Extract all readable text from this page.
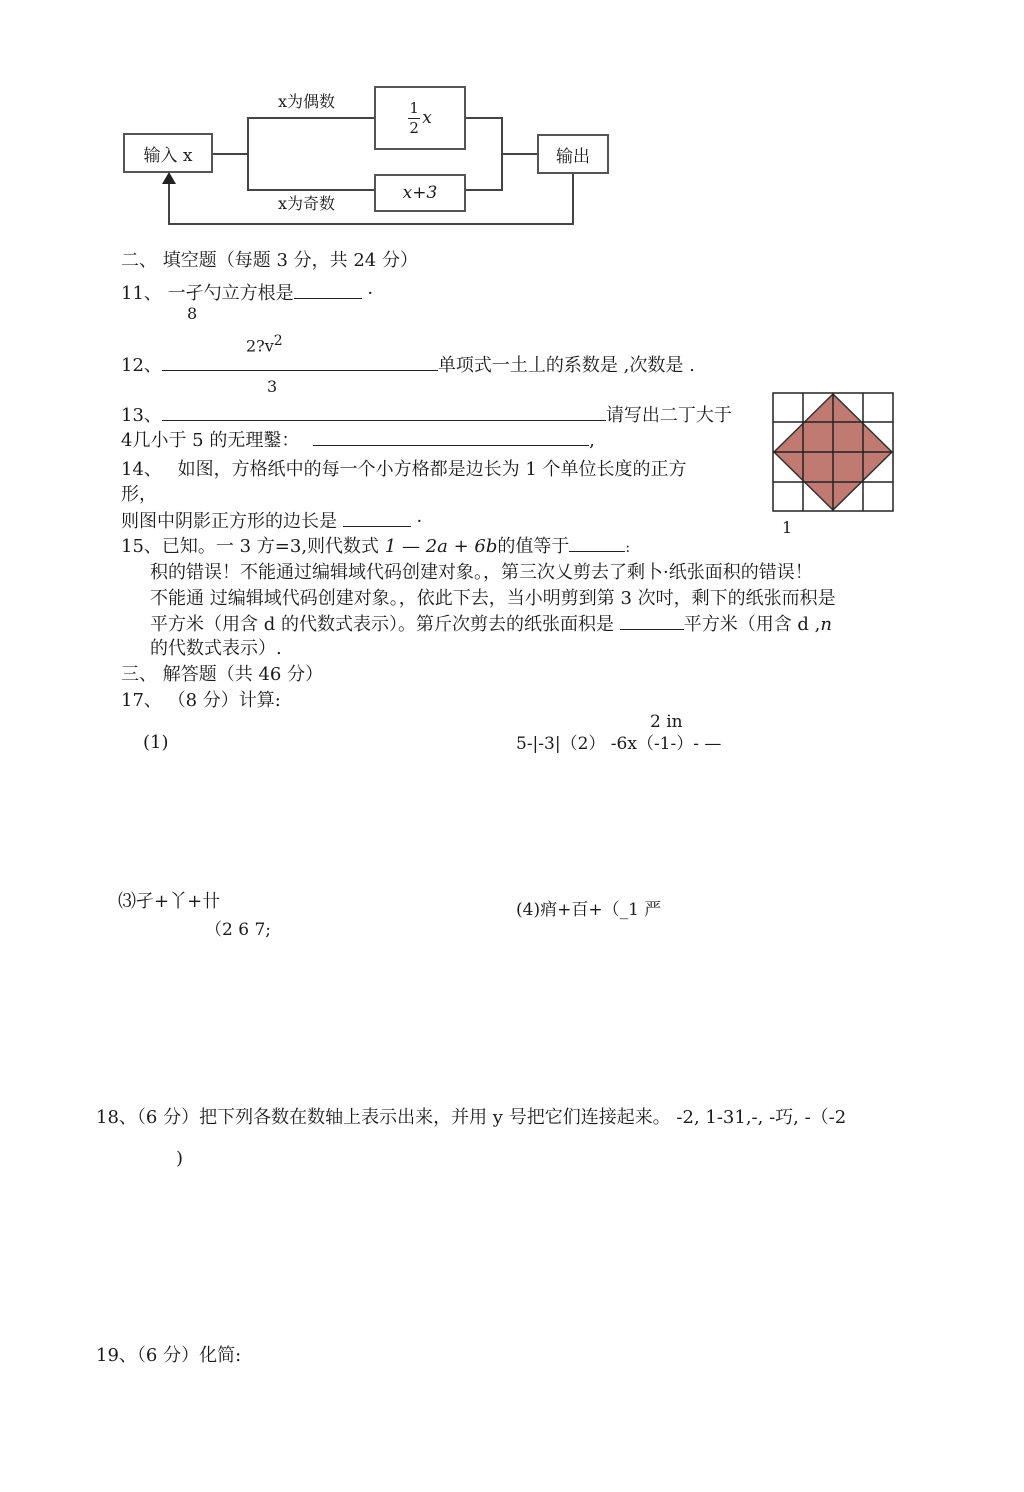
输入 x
$\frac{1}{2}$ x
x+3
输出
x为偶数
x为奇数
二、 填空题（每题 3 分，共 24 分）
11、 一孑勺立方根是	·
8
$2?v^2$
12、	单项式一土丄的系数是 ,次数是 .
3
13、	请写出二丁大于
4几小于 5 的无理鑿：	,
1
14、 如图，方格纸中的每一个小方格都是边长为 1 个单位长度的正方
形，
则图中阴影正方形的边长是	·
15、已知。一 3 方=3,则代数式 1 — 2a + 6b的值等于	:
积的错误！不能通过编辑域代码创建对象。，第三次乂剪去了剩卜·纸张面积的错误！
不能通 过编辑域代码创建对象。，依此下去，当小明剪到第 3 次吋，剩下的纸张而积是
平方米（用含 d 的代数式表示）。第斤次剪去的纸张面积是	平方米（用含 d ,n
的代数式表示）.
三、 解答题（共 46 分）
17、 （8 分）计算:
(1)
2 in
5-|-3|（2） -6x（-1-）- —
⑶孑+丫+卄
（2 6 7;
(4)痟+百+（_1 严
18、（6 分）把下列各数在数轴上表示出来，并用 y 号把它们连接起来。 -2, 1-31,-, -巧, -（-2
)
19、（6 分）化简:
